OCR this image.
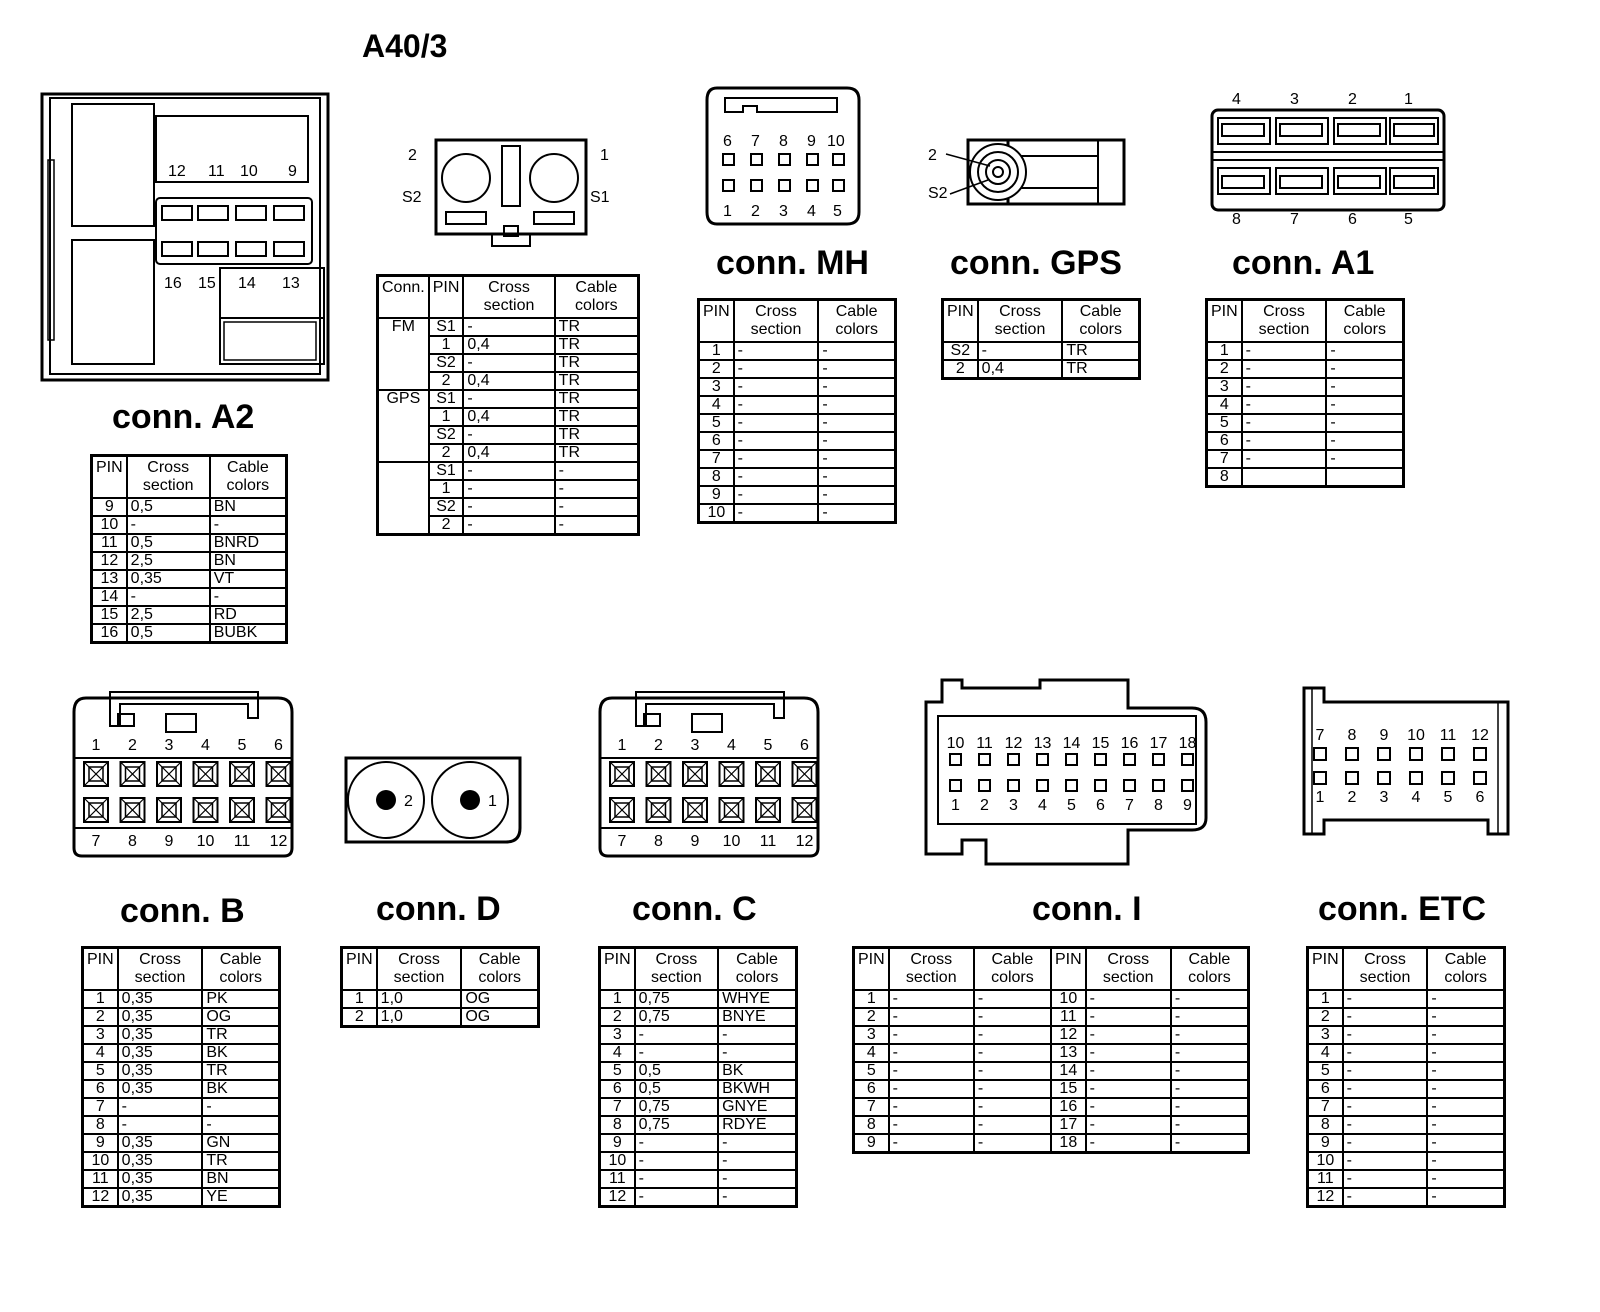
A40/3
12 11 10 9
16 15 14 13
2	1
S2	S1
6 7 8 9 10
1 2 3 4 5
2
S2
4	3	2	1
8	7	6	5
1
7
2
8
3
9
4
10
5
11
6
12
2	1
1
7
2
8
3
9
4
10
5
11
6
12
10
1
11
2
12
3
13
4
14
5
15
6
16
7
17
8
18
9
7
1
8
2
9
3
10
4
11
5
12
6
conn. A2
conn. MH conn. GPS	conn. A1
conn. B	conn. D	conn. C	conn. I	conn. ETC
PIN	Cross section	Cable colors
9	0,5	BN
10	-	-
11	0,5	BNRD
12	2,5	BN
13	0,35	VT
14	-	-
15	2,5	RD
16	0,5	BUBK
Conn.	PIN	Cross section	Cable colors
FM	S1	-	TR
	1	0,4	TR
	S2	-	TR
	2	0,4	TR
GPS	S1	-	TR
	1	0,4	TR
	S2	-	TR
	2	0,4	TR
	S1	-	-
	1	-	-
	S2	-	-
	2	-	-
PIN	Cross section	Cable colors
1	-	-
2	-	-
3	-	-
4	-	-
5	-	-
6	-	-
7	-	-
8	-	-
9	-	-
10	-	-
PIN	Cross section	Cable colors
S2	-	TR
2	0,4	TR
PIN	Cross section	Cable colors
1	-	-
2	-	-
3	-	-
4	-	-
5	-	-
6	-	-
7	-	-
8		
PIN	Cross section	Cable colors
1	0,35	PK
2	0,35	OG
3	0,35	TR
4	0,35	BK
5	0,35	TR
6	0,35	BK
7	-	-
8	-	-
9	0,35	GN
10	0,35	TR
11	0,35	BN
12	0,35	YE
PIN	Cross section	Cable colors
1	1,0	OG
2	1,0	OG
PIN	Cross section	Cable colors
1	0,75	WHYE
2	0,75	BNYE
3	-	-
4	-	-
5	0,5	BK
6	0,5	BKWH
7	0,75	GNYE
8	0,75	RDYE
9	-	-
10	-	-
11	-	-
12	-	-
PIN	Cross section	Cable colors	PIN	Cross section	Cable colors
1	-	-	10	-	-
2	-	-	11	-	-
3	-	-	12	-	-
4	-	-	13	-	-
5	-	-	14	-	-
6	-	-	15	-	-
7	-	-	16	-	-
8	-	-	17	-	-
9	-	-	18	-	-
PIN	Cross section	Cable colors
1	-	-
2	-	-
3	-	-
4	-	-
5	-	-
6	-	-
7	-	-
8	-	-
9	-	-
10	-	-
11	-	-
12	-	-
